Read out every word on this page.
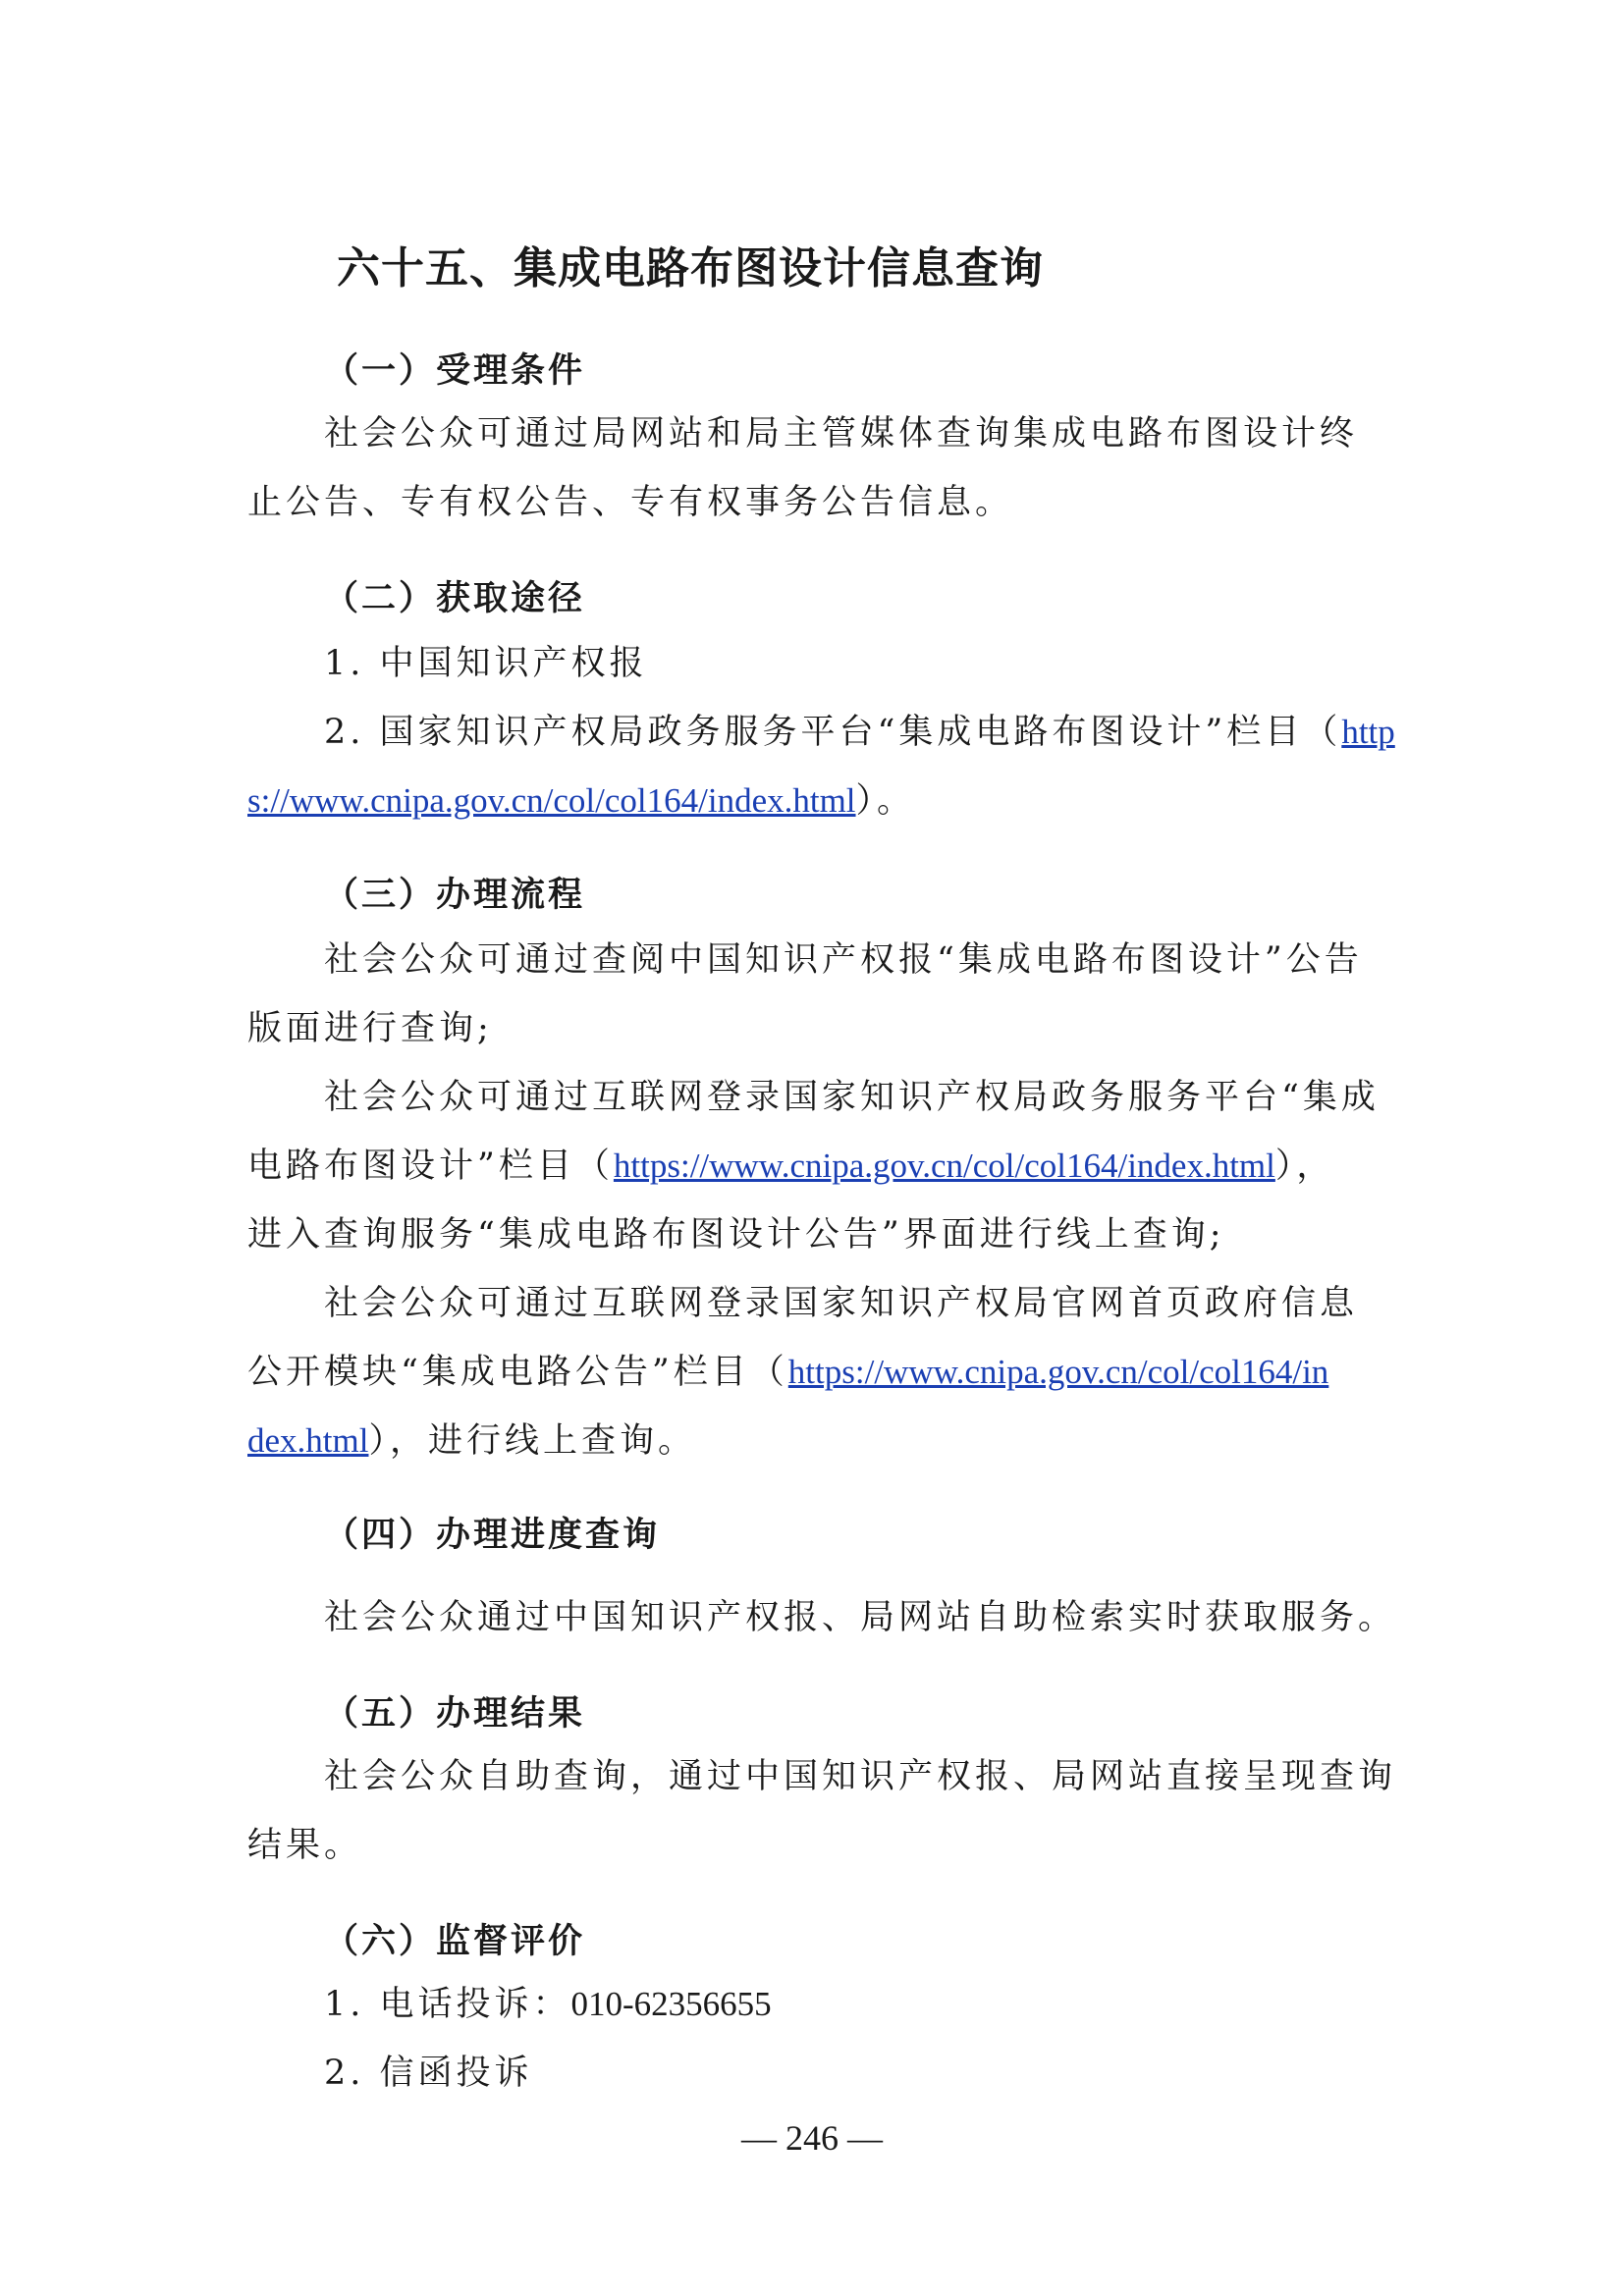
六十五、集成电路布图设计信息查询
（一）受理条件

社会公众可通过局网站和局主管媒体查询集成电路布图设计终

止公告、专有权公告、专有权事务公告信息。

（二）获取途径

1. 中国知识产权报

2. 国家知识产权局政务服务平台“集成电路布图设计”栏目（http

s://www.cnipa.gov.cn/col/col164/index.html）。

（三）办理流程

社会公众可通过查阅中国知识产权报“集成电路布图设计”公告

版面进行查询;

社会公众可通过互联网登录国家知识产权局政务服务平台“集成

电路布图设计”栏目（https://www.cnipa.gov.cn/col/col164/index.html），

进入查询服务“集成电路布图设计公告”界面进行线上查询;

社会公众可通过互联网登录国家知识产权局官网首页政府信息

公开模块“集成电路公告”栏目（https://www.cnipa.gov.cn/col/col164/in

dex.html），进行线上查询。

（四）办理进度查询

社会公众通过中国知识产权报、局网站自助检索实时获取服务。

（五）办理结果

社会公众自助查询，通过中国知识产权报、局网站直接呈现查询

结果。

（六）监督评价

1. 电话投诉：010-62356655

2. 信函投诉

— 246 —
